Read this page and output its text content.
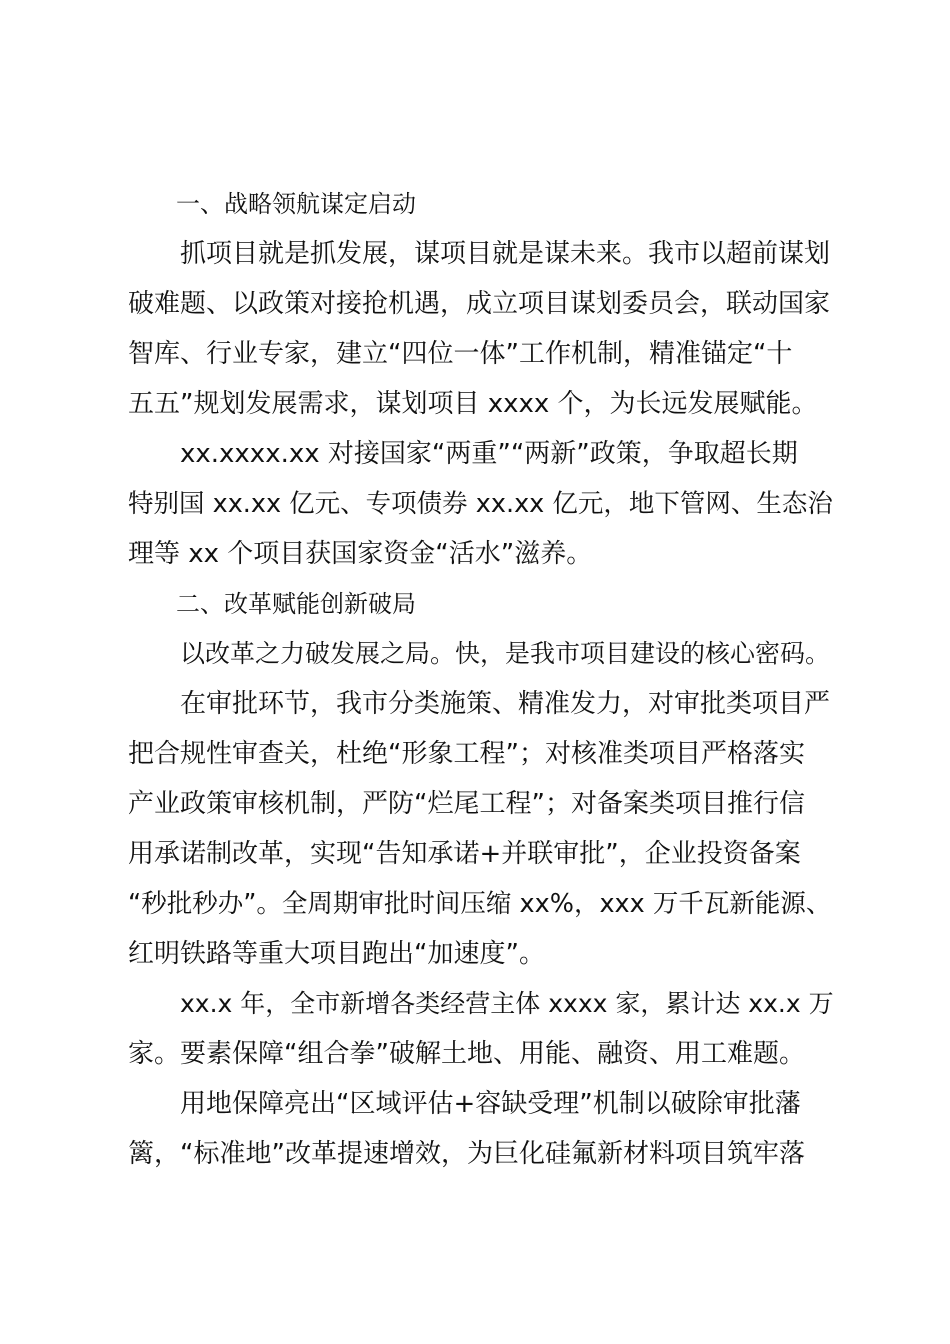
一、战略领航谋定启动
抓项目就是抓发展，谋项目就是谋未来。我市以超前谋划
破难题、以政策对接抢机遇，成立项目谋划委员会，联动国家
智库、行业专家，建立“四位一体”工作机制，精准锚定“十
五五”规划发展需求，谋划项目 xxxx 个，为长远发展赋能。
xx.xxxx.xx 对接国家“两重”“两新”政策，争取超长期
特别国 xx.xx 亿元、专项债券 xx.xx 亿元，地下管网、生态治
理等 xx 个项目获国家资金“活水”滋养。
二、改革赋能创新破局
以改革之力破发展之局。快，是我市项目建设的核心密码。
在审批环节，我市分类施策、精准发力，对审批类项目严
把合规性审查关，杜绝“形象工程”；对核准类项目严格落实
产业政策审核机制，严防“烂尾工程”；对备案类项目推行信
用承诺制改革，实现“告知承诺+并联审批”，企业投资备案
“秒批秒办”。全周期审批时间压缩 xx%，xxx 万千瓦新能源、
红明铁路等重大项目跑出“加速度”。
xx.x 年，全市新增各类经营主体 xxxx 家，累计达 xx.x 万
家。要素保障“组合拳”破解土地、用能、融资、用工难题。
用地保障亮出“区域评估+容缺受理”机制以破除审批藩
篱，“标准地”改革提速增效，为巨化硅氟新材料项目筑牢落
